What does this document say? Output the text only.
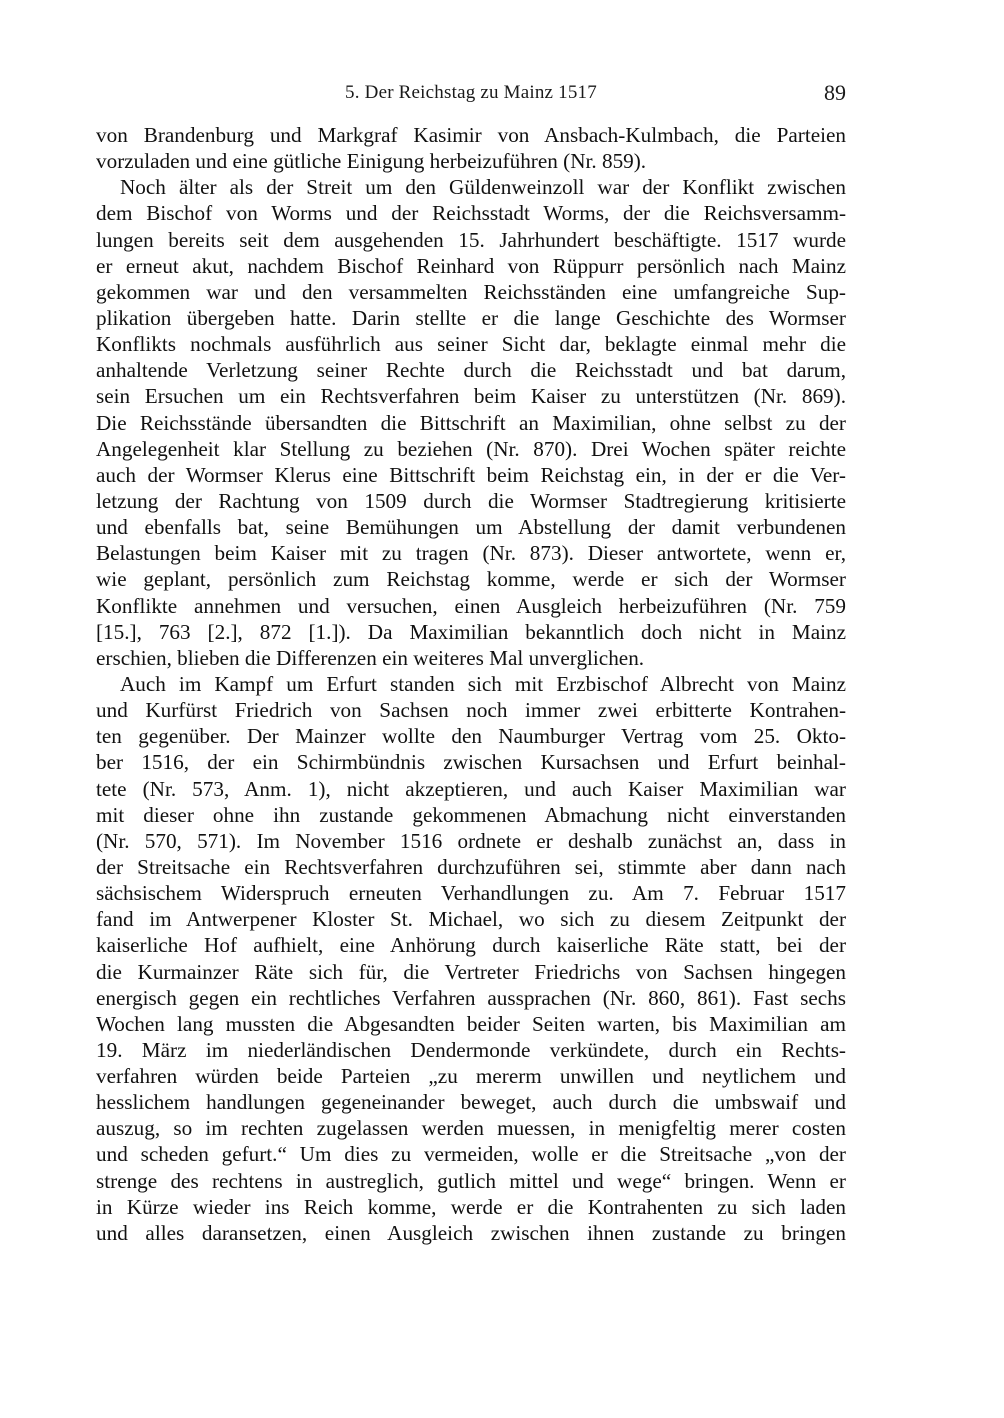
5. Der Reichstag zu Mainz 1517	89
von Brandenburg und Markgraf Kasimir von Ansbach-Kulmbach, die Parteien
vorzuladen und eine gütliche Einigung herbeizuführen (Nr. 859).
Noch älter als der Streit um den Güldenweinzoll war der Konflikt zwischen
dem Bischof von Worms und der Reichsstadt Worms, der die Reichsversamm-
lungen bereits seit dem ausgehenden 15. Jahrhundert beschäftigte. 1517 wurde
er erneut akut, nachdem Bischof Reinhard von Rüppurr persönlich nach Mainz
gekommen war und den versammelten Reichsständen eine umfangreiche Sup-
plikation übergeben hatte. Darin stellte er die lange Geschichte des Wormser
Konflikts nochmals ausführlich aus seiner Sicht dar, beklagte einmal mehr die
anhaltende Verletzung seiner Rechte durch die Reichsstadt und bat darum,
sein Ersuchen um ein Rechtsverfahren beim Kaiser zu unterstützen (Nr. 869).
Die Reichsstände übersandten die Bittschrift an Maximilian, ohne selbst zu der
Angelegenheit klar Stellung zu beziehen (Nr. 870). Drei Wochen später reichte
auch der Wormser Klerus eine Bittschrift beim Reichstag ein, in der er die Ver-
letzung der Rachtung von 1509 durch die Wormser Stadtregierung kritisierte
und ebenfalls bat, seine Bemühungen um Abstellung der damit verbundenen
Belastungen beim Kaiser mit zu tragen (Nr. 873). Dieser antwortete, wenn er,
wie geplant, persönlich zum Reichstag komme, werde er sich der Wormser
Konflikte annehmen und versuchen, einen Ausgleich herbeizuführen (Nr. 759
[15.], 763 [2.], 872 [1.]). Da Maximilian bekanntlich doch nicht in Mainz
erschien, blieben die Differenzen ein weiteres Mal unverglichen.
Auch im Kampf um Erfurt standen sich mit Erzbischof Albrecht von Mainz
und Kurfürst Friedrich von Sachsen noch immer zwei erbitterte Kontrahen-
ten gegenüber. Der Mainzer wollte den Naumburger Vertrag vom 25. Okto-
ber 1516, der ein Schirmbündnis zwischen Kursachsen und Erfurt beinhal-
tete (Nr. 573, Anm. 1), nicht akzeptieren, und auch Kaiser Maximilian war
mit dieser ohne ihn zustande gekommenen Abmachung nicht einverstanden
(Nr. 570, 571). Im November 1516 ordnete er deshalb zunächst an, dass in
der Streitsache ein Rechtsverfahren durchzuführen sei, stimmte aber dann nach
sächsischem Widerspruch erneuten Verhandlungen zu. Am 7. Februar 1517
fand im Antwerpener Kloster St. Michael, wo sich zu diesem Zeitpunkt der
kaiserliche Hof aufhielt, eine Anhörung durch kaiserliche Räte statt, bei der
die Kurmainzer Räte sich für, die Vertreter Friedrichs von Sachsen hingegen
energisch gegen ein rechtliches Verfahren aussprachen (Nr. 860, 861). Fast sechs
Wochen lang mussten die Abgesandten beider Seiten warten, bis Maximilian am
19. März im niederländischen Dendermonde verkündete, durch ein Rechts-
verfahren würden beide Parteien „zu mererm unwillen und neytlichem und
hesslichem handlungen gegeneinander beweget, auch durch die umbswaif und
auszug, so im rechten zugelassen werden muessen, in menigfeltig merer costen
und scheden gefurt.“ Um dies zu vermeiden, wolle er die Streitsache „von der
strenge des rechtens in austreglich, gutlich mittel und wege“ bringen. Wenn er
in Kürze wieder ins Reich komme, werde er die Kontrahenten zu sich laden
und alles daransetzen, einen Ausgleich zwischen ihnen zustande zu bringen
